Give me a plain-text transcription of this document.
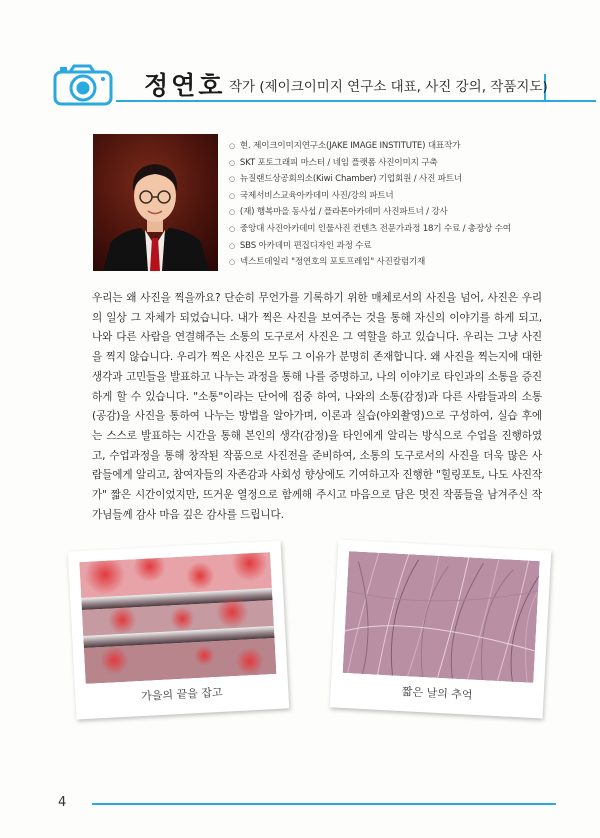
정연호 작가 (제이크이미지 연구소 대표, 사진 강의, 작품지도)
○ 현. 제이크이미지연구소(JAKE IMAGE INSTITUTE) 대표작가
○ SKT 포토그래피 마스터 / 네임 플랫폼 사진이미지 구축
○ 뉴질랜드상공회의소(Kiwi Chamber) 기업회원 / 사진 파트너
○ 국제서비스교육아카데미 사진/강의 파트너
○ (재) 행복마을 동사섭 / 플라톤아카데미 사진파트너 / 강사
○ 중앙대 사진아카데미 인물사진 컨텐츠 전문가과정 18기 수료 / 총장상 수여
○ SBS 아카데미 편집디자인 과정 수료
○ 넥스트데일리 "정연호의 포토프레임" 사진칼럼기재

우리는 왜 사진을 찍을까요? 단순히 무언가를 기록하기 위한 매체로서의 사진을 넘어, 사진은 우리의 일상 그 자체가 되었습니다. 내가 찍은 사진을 보여주는 것을 통해 자신의 이야기를 하게 되고, 나와 다른 사람을 연결해주는 소통의 도구로서 사진은 그 역할을 하고 있습니다. 우리는 그냥 사진을 찍지 않습니다. 우리가 찍은 사진은 모두 그 이유가 분명히 존재합니다. 왜 사진을 찍는지에 대한 생각과 고민들을 발표하고 나누는 과정을 통해 나를 증명하고, 나의 이야기로 타인과의 소통을 증진하게 할 수 있습니다. "소통"이라는 단어에 집중 하여, 나와의 소통(감정)과 다른 사람들과의 소통(공감)을 사진을 통하여 나누는 방법을 알아가며, 이론과 실습(야외촬영)으로 구성하여, 실습 후에는 스스로 발표하는 시간을 통해 본인의 생각(감정)을 타인에게 알리는 방식으로 수업을 진행하였고, 수업과정을 통해 창작된 작품으로 사진전을 준비하여, 소통의 도구로서의 사진을 더욱 많은 사람들에게 알리고, 참여자들의 자존감과 사회성 향상에도 기여하고자 진행한 "힐링포토, 나도 사진작가" 짧은 시간이었지만, 뜨거운 열정으로 함께해 주시고 마음으로 담은 멋진 작품들을 남겨주신 작가님들께 감사 마음 깊은 감사를 드립니다.

가을의 끝을 잡고	짧은 날의 추억
4
